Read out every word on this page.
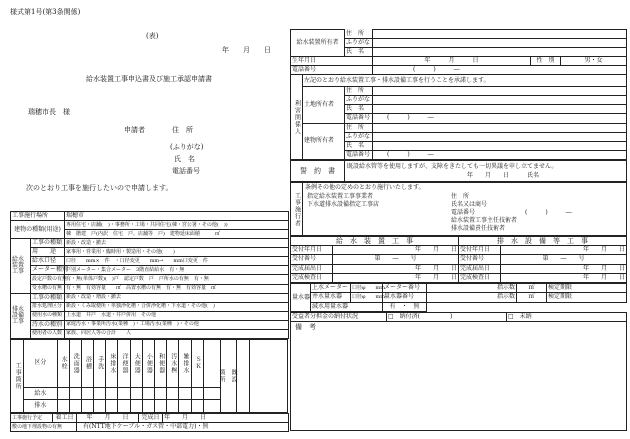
様式第1号(第3条関係)
(表)
年　　月　　日
給水装置工事申込書及び施工承認申請書
瑞穂市長　様
申請者	住　所
(ふりがな)
氏　名
電話番号
次のとおり工事を施行したいので申請します。
給水装置所有者	住　所			
	ふりがな			
	氏　名			
生年月日		年　　　月　　　日	性　別	男・女
電話番号		(　　　)　　　―		
利害関係人	左記のとおり給水装置工事・排水設備工事を行うことを承諾します。		
	土地所有者	住　所	
		ふりがな	
		氏　名	
		電話番号	(　　　)　　　―
	建物所有者	住　所	
		ふりがな	
		氏　名	
		電話番号	(　　　)　　　―
誓　約　書	
既設給水管等を使用しますが、支障をきたしても一切異議を申し立てません。
年　　月　　日	氏名
工事施行者	
条例その他の定めのとおり施行いたします。
指定給水装置工事事業者
下水道排水設備指定工事店
住　所
氏名又は商号
電話番号	(　　　)　　　―
給水装置工事主任技術者
排水設備責任技術者
工事施行場所		瑞穂市
建物の種類(用途)		専用住宅・店舗(　)・事務所・工場・共同住宅(棟・宮公署・その他(　))
		棟　階建　戸(内訳　住宅　戸、店舗等　戸)　建物延床面積　　　㎡
給水装置工事	工事の種類	新設・改造・撤去
	用　　途	家事用・営業用・臨時用・製造用・その他(　　)
	給水口径	口径　　mm×　件　・口径変更　　mm→　　mm口変更　件
	メーター種別	戸別メーター・集合メーター　3階直結給水　有・無
	設定戸数の有無	有・無(単体戸数)(　)戸　認定戸数　戸　戸所水の有無　有・無
	受水槽の有無	有・無　有効容量　　㎥　高置水槽の有無　有・無　有効容量　㎥
排水設備工事	工事の種類	新設・改造・増設・撤去
	排水処理区分	新設・くみ取便所・単独浄化槽・合併浄化槽・下水道・その他(　)
	使用水の種類	上水道　井戸　水道・井戸併用　その他
	汚水の種別	家庭汚水・事業所汚水(業種　)・工場汚水(業種　)・その他
	使用者の人数	家族、同居人等の合計　　人
工事箇所	区分	水栓	洗面器	浴槽	手洗	床排水	洋便器	大便器	小便器	和便器	汚水桝	雑排水	ＳＫ		既設

箇所		
	給水																
	排水																
工事施行予定	着工日	年　　月　　日	完成日	年　　月　　日
敷の地下埋設物の有無		有(NTT地下ケーブル・ガス管・中部電力)・無		
給　水　装　置　工　事		排　水　設　備　等　工　事	
受付年月日	年　　月　　日	受付年月日	年　　月　　日
受付番号	第　　―　　号	受付番号	第　　―　　号
完成届出日	年　　月　　日	完成届出日	年　　月　　日
完成検査日	年　　月　　日	完成検査日	年　　月　　日
量水器	上水メーター	口径φ　　mm	メーター番号	指示数	㎥	検定期限
	井水量水器	口径φ　　mm	量水器番号	指示数	㎥	検定期限
	減水用量水器		有　・　無			
受益者分担金の納付状況	□　納付済(　　　　　)	□　未納
備　考
